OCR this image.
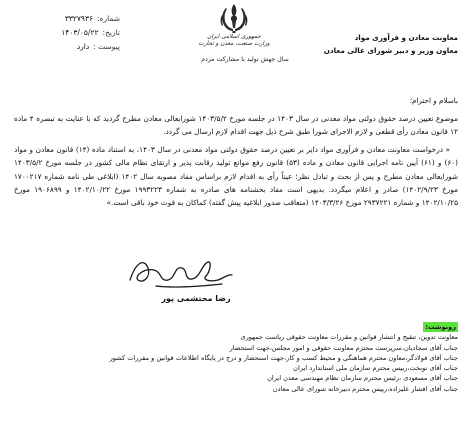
شماره:
۳۳۲۷۹۳۶
تاریخ:
۱۴۰۳/۰۵/۲۲
پیوست :
دارد
جمهوری اسلامی ایران
وزارت صنعت، معدن و تجارت
سال جهش تولید با مشارکت مردم
معاونت معادن و فرآوری مواد
معاون وزیر و دبیر شورای عالی معادن
باسلام و احترام؛

موضوع تعیین درصد حقوق دولتی مواد معدنی در سال ۱۴۰۳ در جلسه مورخ ۱۴۰۳/۵/۲ شورایعالی معادن مطرح گردید که با عنایت به تبصره ۴ ماده ۱۲ قانون معادن رأی قطعی و لازم الاجرای شورا طبق شرح ذیل جهت اقدام لازم ارسال می گردد.

« درخواست معاونت معادن و فرآوری مواد دایر بر تعیین درصد حقوق دولتی مواد معدنی در سال ۱۴۰۳، به استناد ماده (۱۴) قانون معادن و مواد (۶۰) و (۶۱) آیین نامه اجرایی قانون معادن و ماده (۵۳) قانون رفع موانع تولید رقابت پذیر و ارتقای نظام مالی کشور در جلسه مورخ ۱۴۰۳/۵/۲ شورایعالی معادن مطرح و پس از بحث و تبادل نظر؛ عیناً رأی به اقدام لازم براساس مفاد مصوبه سال ۱۴۰۲ (ابلاغی طی نامه شماره ۱۷۰۰۲۱۷ مورخ ۱۴۰۲/۹/۲۳) صادر و اعلام میگردد. بدیهی است مفاد بخشنامه های صادره به شماره ۱۹۹۳۲۲۳ مورخ ۱۴۰۲/۱۰/۲۲ و ۱۹۰۶۸۹۹ مورخ ۱۴۰۲/۱۰/۲۵ و شماره ۲۹۳۷۲۲۱ مورخ ۱۴۰۳/۳/۲۶ (متعاقب صدور ابلاغیه پیش گفته) کماکان به قوت خود باقی است.»

رضا محتشمی پور
رونوشت:
معاونت تدوین، تنقیح و انتشار قوانین و مقررات معاونت حقوقی ریاست جمهوری
جناب آقای سجادیان،سرپرست محترم معاونت حقوقی و امور مجلس،جهت استحضار
جناب آقای فولادگر،معاون محترم هماهنگی و محیط کسب و کار،جهت استحضار و درج در پایگاه اطلاعات قوانین و مقررات کشور
جناب آقای نوبخت،رییس محترم سازمان ملی استاندارد ایران
جناب آقای مسعودی ،رئیس محترم سازمان نظام مهندسی معدن ایران
جناب آقای افشار علیزاده،رییس محترم دبیرخانه شورای عالی معادن
